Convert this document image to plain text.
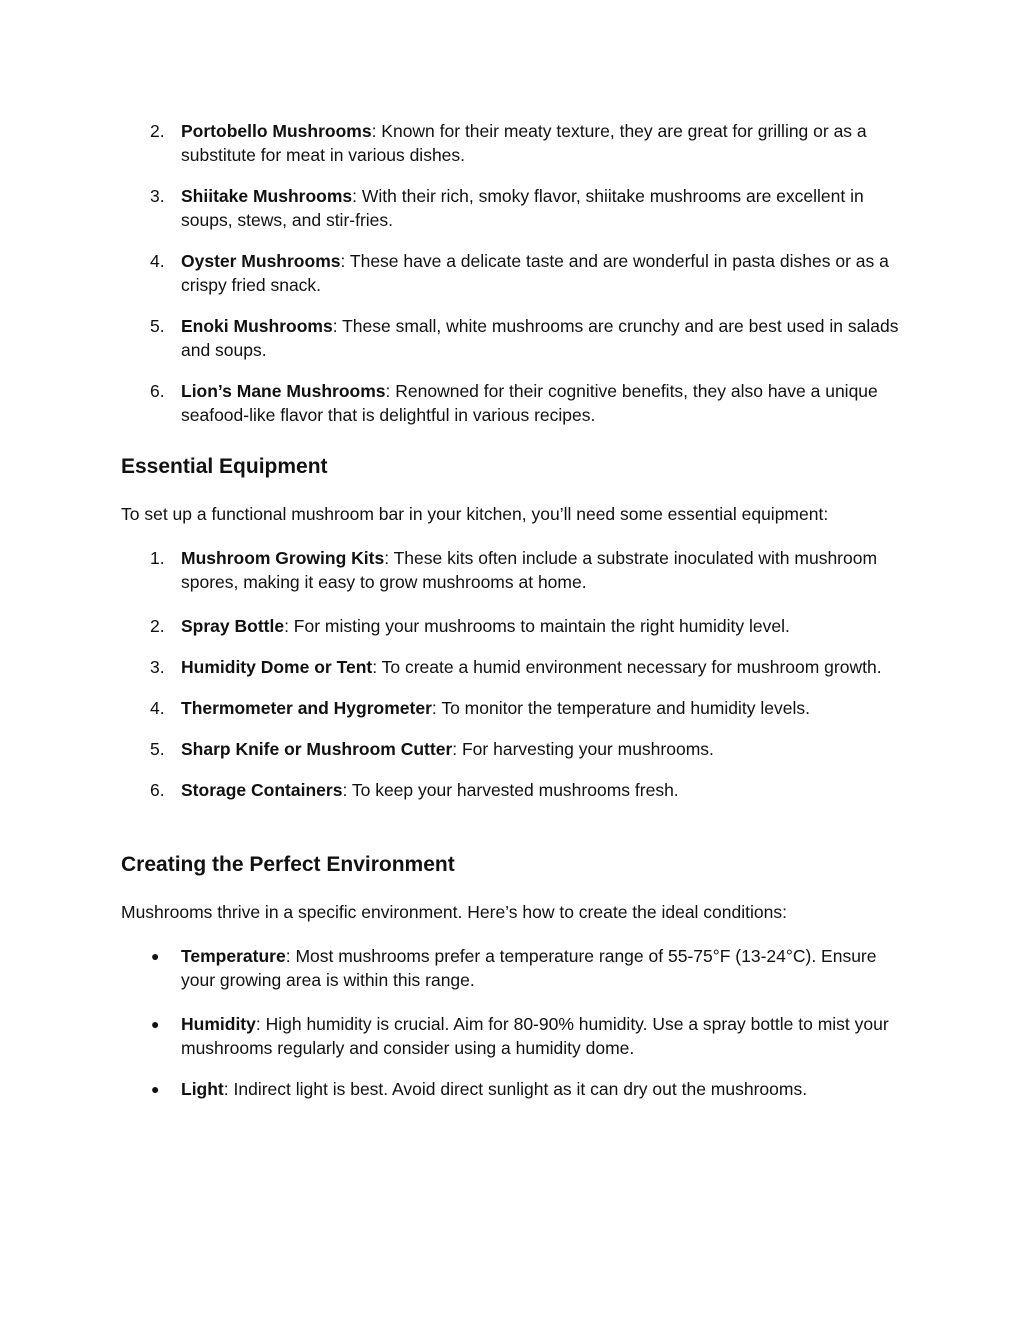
2. Portobello Mushrooms: Known for their meaty texture, they are great for grilling or as a substitute for meat in various dishes.
3. Shiitake Mushrooms: With their rich, smoky flavor, shiitake mushrooms are excellent in soups, stews, and stir-fries.
4. Oyster Mushrooms: These have a delicate taste and are wonderful in pasta dishes or as a crispy fried snack.
5. Enoki Mushrooms: These small, white mushrooms are crunchy and are best used in salads and soups.
6. Lion’s Mane Mushrooms: Renowned for their cognitive benefits, they also have a unique seafood-like flavor that is delightful in various recipes.
Essential Equipment

To set up a functional mushroom bar in your kitchen, you’ll need some essential equipment:

1. Mushroom Growing Kits: These kits often include a substrate inoculated with mushroom spores, making it easy to grow mushrooms at home.
2. Spray Bottle: For misting your mushrooms to maintain the right humidity level.
3. Humidity Dome or Tent: To create a humid environment necessary for mushroom growth.
4. Thermometer and Hygrometer: To monitor the temperature and humidity levels.
5. Sharp Knife or Mushroom Cutter: For harvesting your mushrooms.
6. Storage Containers: To keep your harvested mushrooms fresh.
Creating the Perfect Environment

Mushrooms thrive in a specific environment. Here’s how to create the ideal conditions:

● Temperature: Most mushrooms prefer a temperature range of 55-75°F (13-24°C). Ensure your growing area is within this range.
● Humidity: High humidity is crucial. Aim for 80-90% humidity. Use a spray bottle to mist your mushrooms regularly and consider using a humidity dome.
● Light: Indirect light is best. Avoid direct sunlight as it can dry out the mushrooms.
